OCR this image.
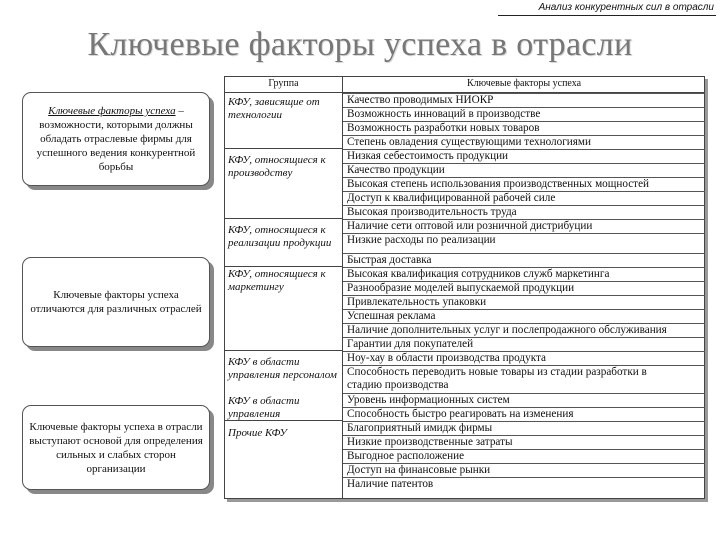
Анализ конкурентных сил в отрасли
Ключевые факторы успеха в отрасли
Ключевые факторы успеха – возможности, которыми должны обладать отраслевые фирмы для успешного ведения конкурентной борьбы
Ключевые факторы успеха отличаются для различных отраслей
Ключевые факторы успеха в отрасли выступают основой для определения сильных и слабых сторон организации
Группа	Ключевые факторы успеха
КФУ, зависящие от технологии
КФУ, относящиеся к производству
КФУ, относящиеся к реализации продукции
КФУ, относящиеся к маркетингу
КФУ в области управления персоналом
КФУ в области управления
Прочие КФУ
Качество проводимых НИОКР
Возможность инноваций в производстве
Возможность разработки новых товаров
Степень овладения существующими технологиями
Низкая себестоимость продукции
Качество продукции
Высокая степень использования производственных мощностей
Доступ к квалифицированной рабочей силе
Высокая производительность труда
Наличие сети оптовой или розничной дистрибуции
Низкие расходы по реализации
Быстрая доставка
Высокая квалификация сотрудников служб маркетинга
Разнообразие моделей выпускаемой продукции
Привлекательность упаковки
Успешная реклама
Наличие дополнительных услуг и послепродажного обслуживания
Гарантии для покупателей
Ноу-хау в области производства продукта
Способность переводить новые товары из стадии разработки в
стадию производства
Уровень информационных систем
Способность быстро реагировать на изменения
Благоприятный имидж фирмы
Низкие производственные затраты
Выгодное расположение
Доступ на финансовые рынки
Наличие патентов
